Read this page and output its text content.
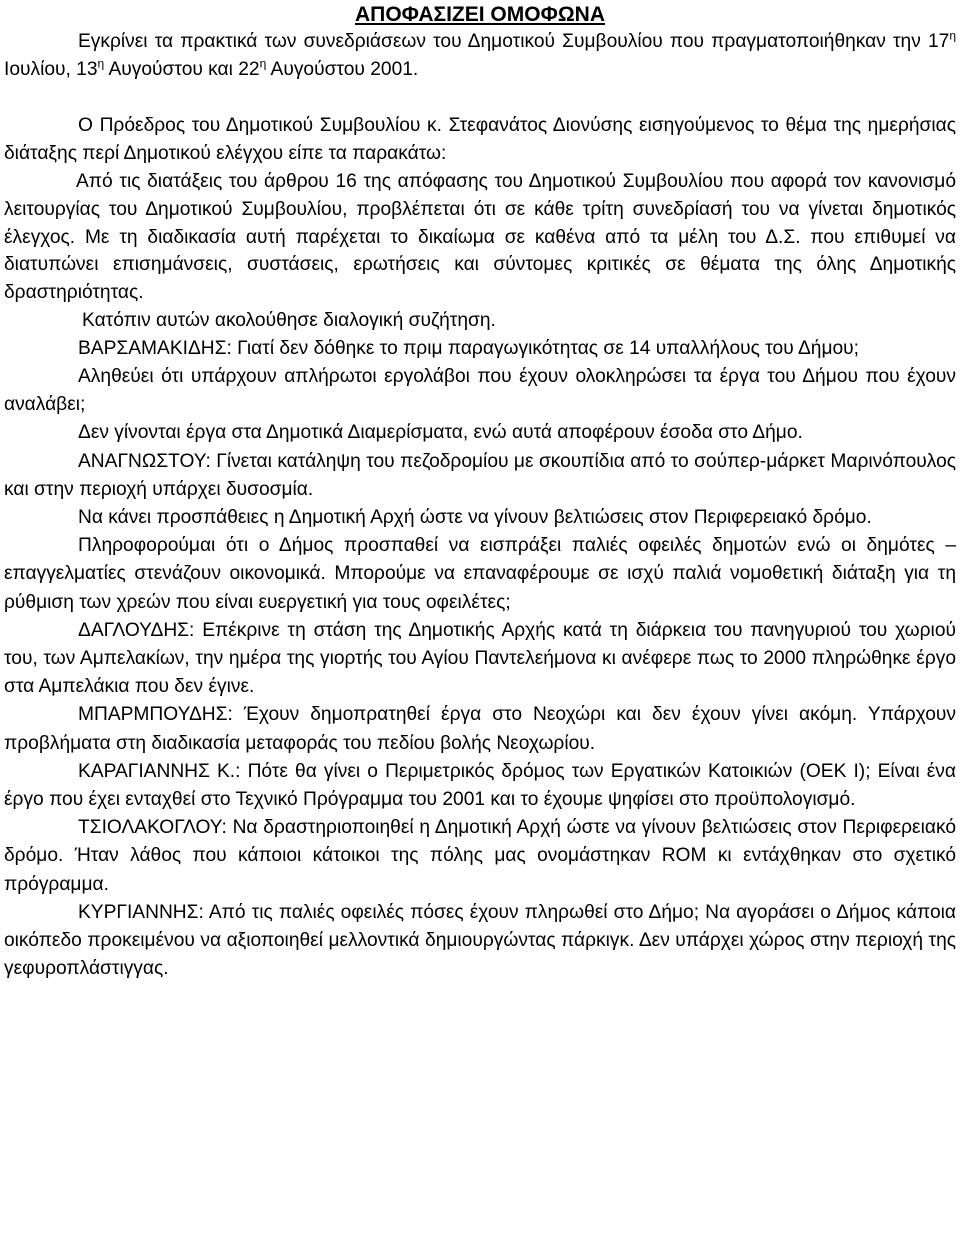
ΑΠΟΦΑΣΙΖΕΙ ΟΜΟΦΩΝΑ

Εγκρίνει τα πρακτικά των συνεδριάσεων του Δημοτικού Συμβουλίου που πραγματοποιήθηκαν την $17^\eta$ Ιουλίου, $13^\eta$ Αυγούστου και $22^\eta$ Αυγούστου 2001.

Ο Πρόεδρος του Δημοτικού Συμβουλίου κ. Στεφανάτος Διονύσης εισηγούμενος το θέμα της ημερήσιας διάταξης περί Δημοτικού ελέγχου είπε τα παρακάτω:

Από τις διατάξεις του άρθρου 16 της απόφασης του Δημοτικού Συμβουλίου που αφορά τον κανονισμό λειτουργίας του Δημοτικού Συμβουλίου, προβλέπεται ότι σε κάθε τρίτη συνεδρίασή του να γίνεται δημοτικός έλεγχος. Με τη διαδικασία αυτή παρέχεται το δικαίωμα σε καθένα από τα μέλη του Δ.Σ. που επιθυμεί να διατυπώνει επισημάνσεις, συστάσεις, ερωτήσεις και σύντομες κριτικές σε θέματα της όλης Δημοτικής δραστηριότητας.

Κατόπιν αυτών ακολούθησε διαλογική συζήτηση.

ΒΑΡΣΑΜΑΚΙΔΗΣ: Γιατί δεν δόθηκε το πριμ παραγωγικότητας σε 14 υπαλλήλους του Δήμου;

Αληθεύει ότι υπάρχουν απλήρωτοι εργολάβοι που έχουν ολοκληρώσει τα έργα του Δήμου που έχουν αναλάβει;

Δεν γίνονται έργα στα Δημοτικά Διαμερίσματα, ενώ αυτά αποφέρουν έσοδα στο Δήμο.

ΑΝΑΓΝΩΣΤΟΥ: Γίνεται κατάληψη του πεζοδρομίου με σκουπίδια από το σούπερ-μάρκετ Μαρινόπουλος και στην περιοχή υπάρχει δυσοσμία.

Να κάνει προσπάθειες η Δημοτική Αρχή ώστε να γίνουν βελτιώσεις στον Περιφερειακό δρόμο.

Πληροφορούμαι ότι ο Δήμος προσπαθεί να εισπράξει παλιές οφειλές δημοτών ενώ οι δημότες – επαγγελματίες στενάζουν οικονομικά. Μπορούμε να επαναφέρουμε σε ισχύ παλιά νομοθετική διάταξη για τη ρύθμιση των χρεών που είναι ευεργετική για τους οφειλέτες;

ΔΑΓΛΟΥΔΗΣ: Επέκρινε τη στάση της Δημοτικής Αρχής κατά τη διάρκεια του πανηγυριού του χωριού του, των Αμπελακίων, την ημέρα της γιορτής του Αγίου Παντελεήμονα κι ανέφερε πως το 2000 πληρώθηκε έργο στα Αμπελάκια που δεν έγινε.

ΜΠΑΡΜΠΟΥΔΗΣ: Έχουν δημοπρατηθεί έργα στο Νεοχώρι και δεν έχουν γίνει ακόμη. Υπάρχουν προβλήματα στη διαδικασία μεταφοράς του πεδίου βολής Νεοχωρίου.

ΚΑΡΑΓΙΑΝΝΗΣ Κ.: Πότε θα γίνει ο Περιμετρικός δρόμος των Εργατικών Κατοικιών (ΟΕΚ Ι); Είναι ένα έργο που έχει ενταχθεί στο Τεχνικό Πρόγραμμα του 2001 και το έχουμε ψηφίσει στο προϋπολογισμό.

ΤΣΙΟΛΑΚΟΓΛΟΥ: Να δραστηριοποιηθεί η Δημοτική Αρχή ώστε να γίνουν βελτιώσεις στον Περιφερειακό δρόμο. Ήταν λάθος που κάποιοι κάτοικοι της πόλης μας ονομάστηκαν ROM κι εντάχθηκαν στο σχετικό πρόγραμμα.

ΚΥΡΓΙΑΝΝΗΣ: Από τις παλιές οφειλές πόσες έχουν πληρωθεί στο Δήμο; Να αγοράσει ο Δήμος κάποια οικόπεδο προκειμένου να αξιοποιηθεί μελλοντικά δημιουργώντας πάρκιγκ. Δεν υπάρχει χώρος στην περιοχή της γεφυροπλάστιγγας.
